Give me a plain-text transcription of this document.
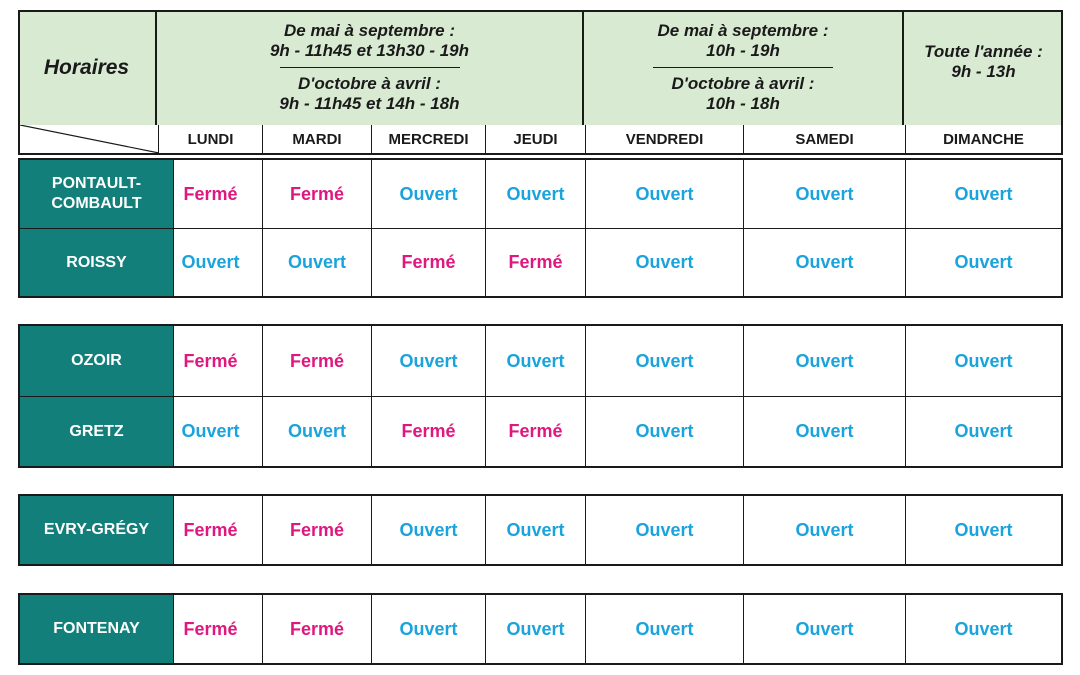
Horaires
De mai à septembre :
9h - 11h45 et 13h30 - 19h
D'octobre à avril :
9h - 11h45 et 14h - 18h
De mai à septembre :
10h - 19h
D'octobre à avril :
10h - 18h
Toute l'année :
9h - 13h
LUNDI	MARDI	MERCREDI	JEUDI	VENDREDI	SAMEDI	DIMANCHE
PONTAULT-
COMBAULT	Fermé	Fermé	Ouvert	Ouvert	Ouvert	Ouvert	Ouvert
ROISSY	Ouvert	Ouvert	Fermé	Fermé	Ouvert	Ouvert	Ouvert
OZOIR	Fermé	Fermé	Ouvert	Ouvert	Ouvert	Ouvert	Ouvert
GRETZ	Ouvert	Ouvert	Fermé	Fermé	Ouvert	Ouvert	Ouvert
EVRY-GRÉGY	Fermé	Fermé	Ouvert	Ouvert	Ouvert	Ouvert	Ouvert
FONTENAY	Fermé	Fermé	Ouvert	Ouvert	Ouvert	Ouvert	Ouvert
